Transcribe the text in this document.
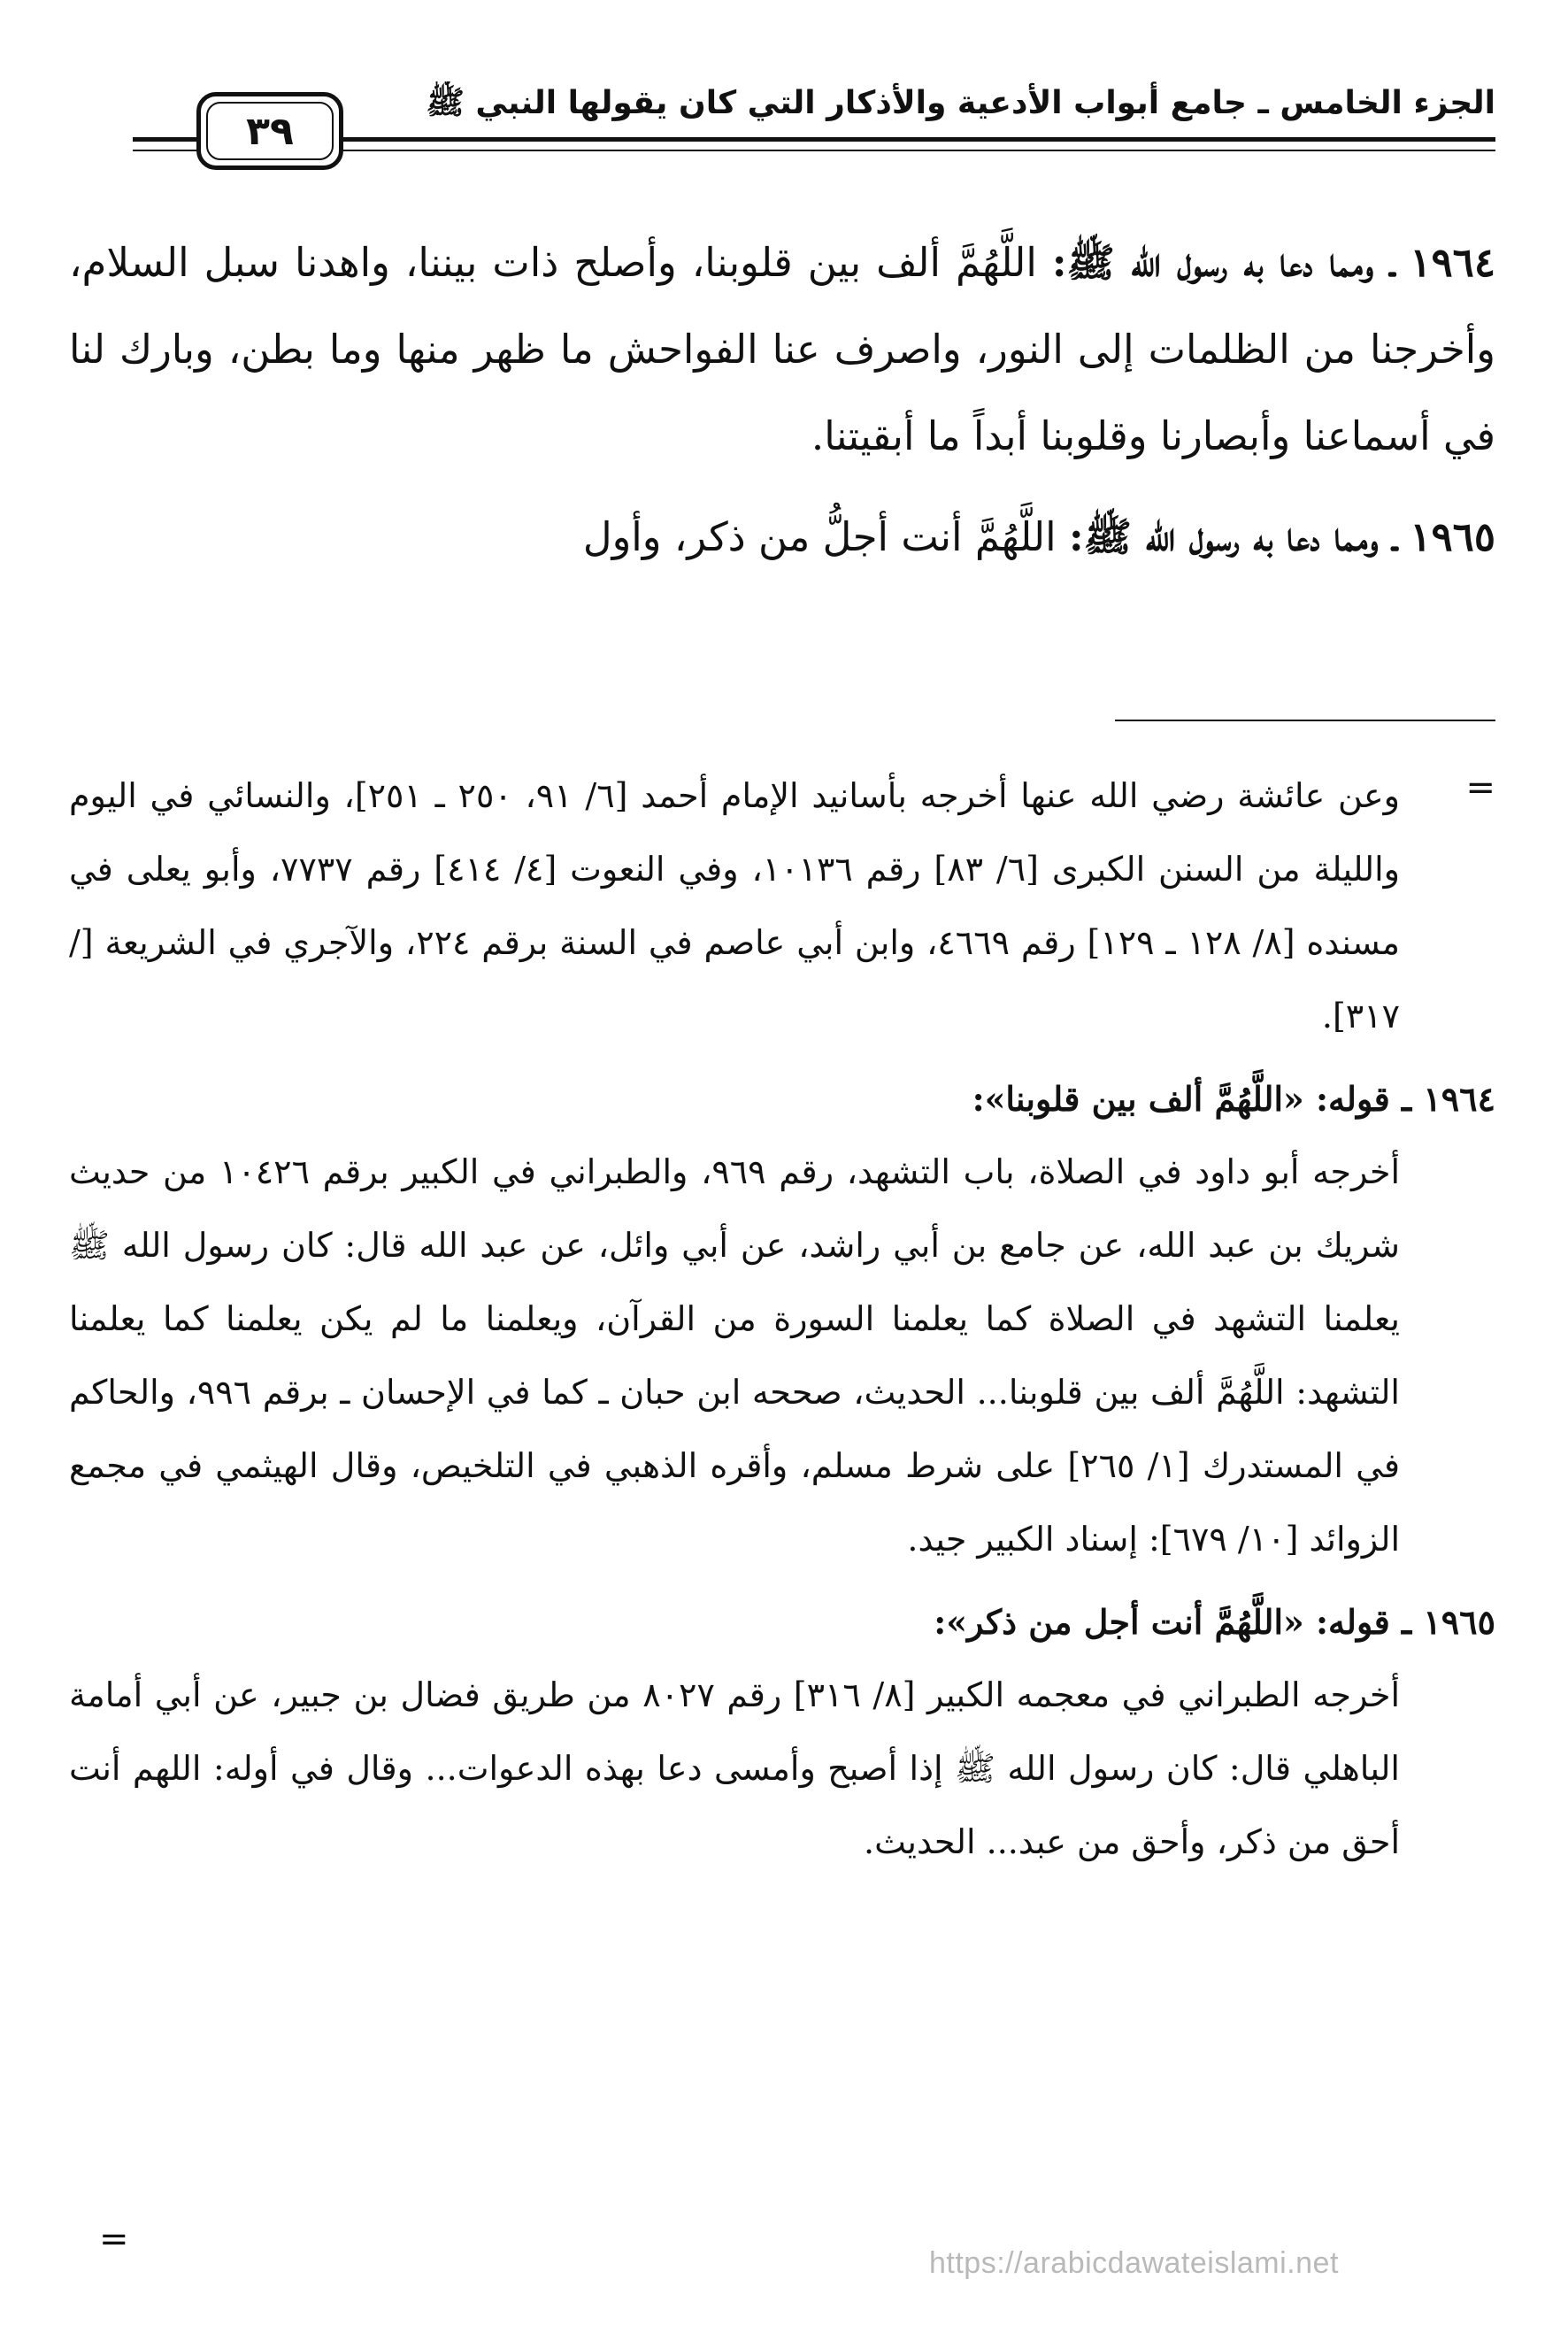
الجزء الخامس ـ جامع أبواب الأدعية والأذكار التي كان يقولها النبي ﷺ
٣٩

١٩٦٤ ـ ومما دعا به رسول الله ﷺ: اللَّهُمَّ ألف بين قلوبنا، وأصلح ذات بيننا، واهدنا سبل السلام، وأخرجنا من الظلمات إلى النور، واصرف عنا الفواحش ما ظهر منها وما بطن، وبارك لنا في أسماعنا وأبصارنا وقلوبنا أبداً ما أبقيتنا.

١٩٦٥ ـ ومما دعا به رسول الله ﷺ: اللَّهُمَّ أنت أجلُّ من ذكر، وأول

=
وعن عائشة رضي الله عنها أخرجه بأسانيد الإمام أحمد [٦/ ٩١، ٢٥٠ ـ ٢٥١]، والنسائي في اليوم والليلة من السنن الكبرى [٦/ ٨٣] رقم ١٠١٣٦، وفي النعوت [٤/ ٤١٤] رقم ٧٧٣٧، وأبو يعلى في مسنده [٨/ ١٢٨ ـ ١٢٩] رقم ٤٦٦٩، وابن أبي عاصم في السنة برقم ٢٢٤، والآجري في الشريعة [/ ٣١٧].

١٩٦٤ ـ قوله: «اللَّهُمَّ ألف بين قلوبنا»:

أخرجه أبو داود في الصلاة، باب التشهد، رقم ٩٦٩، والطبراني في الكبير برقم ١٠٤٢٦ من حديث شريك بن عبد الله، عن جامع بن أبي راشد، عن أبي وائل، عن عبد الله قال: كان رسول الله ﷺ يعلمنا التشهد في الصلاة كما يعلمنا السورة من القرآن، ويعلمنا ما لم يكن يعلمنا كما يعلمنا التشهد: اللَّهُمَّ ألف بين قلوبنا... الحديث، صححه ابن حبان ـ كما في الإحسان ـ برقم ٩٩٦، والحاكم في المستدرك [١/ ٢٦٥] على شرط مسلم، وأقره الذهبي في التلخيص، وقال الهيثمي في مجمع الزوائد [١٠/ ٦٧٩]: إسناد الكبير جيد.

١٩٦٥ ـ قوله: «اللَّهُمَّ أنت أجل من ذكر»:

أخرجه الطبراني في معجمه الكبير [٨/ ٣١٦] رقم ٨٠٢٧ من طريق فضال بن جبير، عن أبي أمامة الباهلي قال: كان رسول الله ﷺ إذا أصبح وأمسى دعا بهذه الدعوات... وقال في أوله: اللهم أنت أحق من ذكر، وأحق من عبد... الحديث.

=
https://arabicdawateislami.net
